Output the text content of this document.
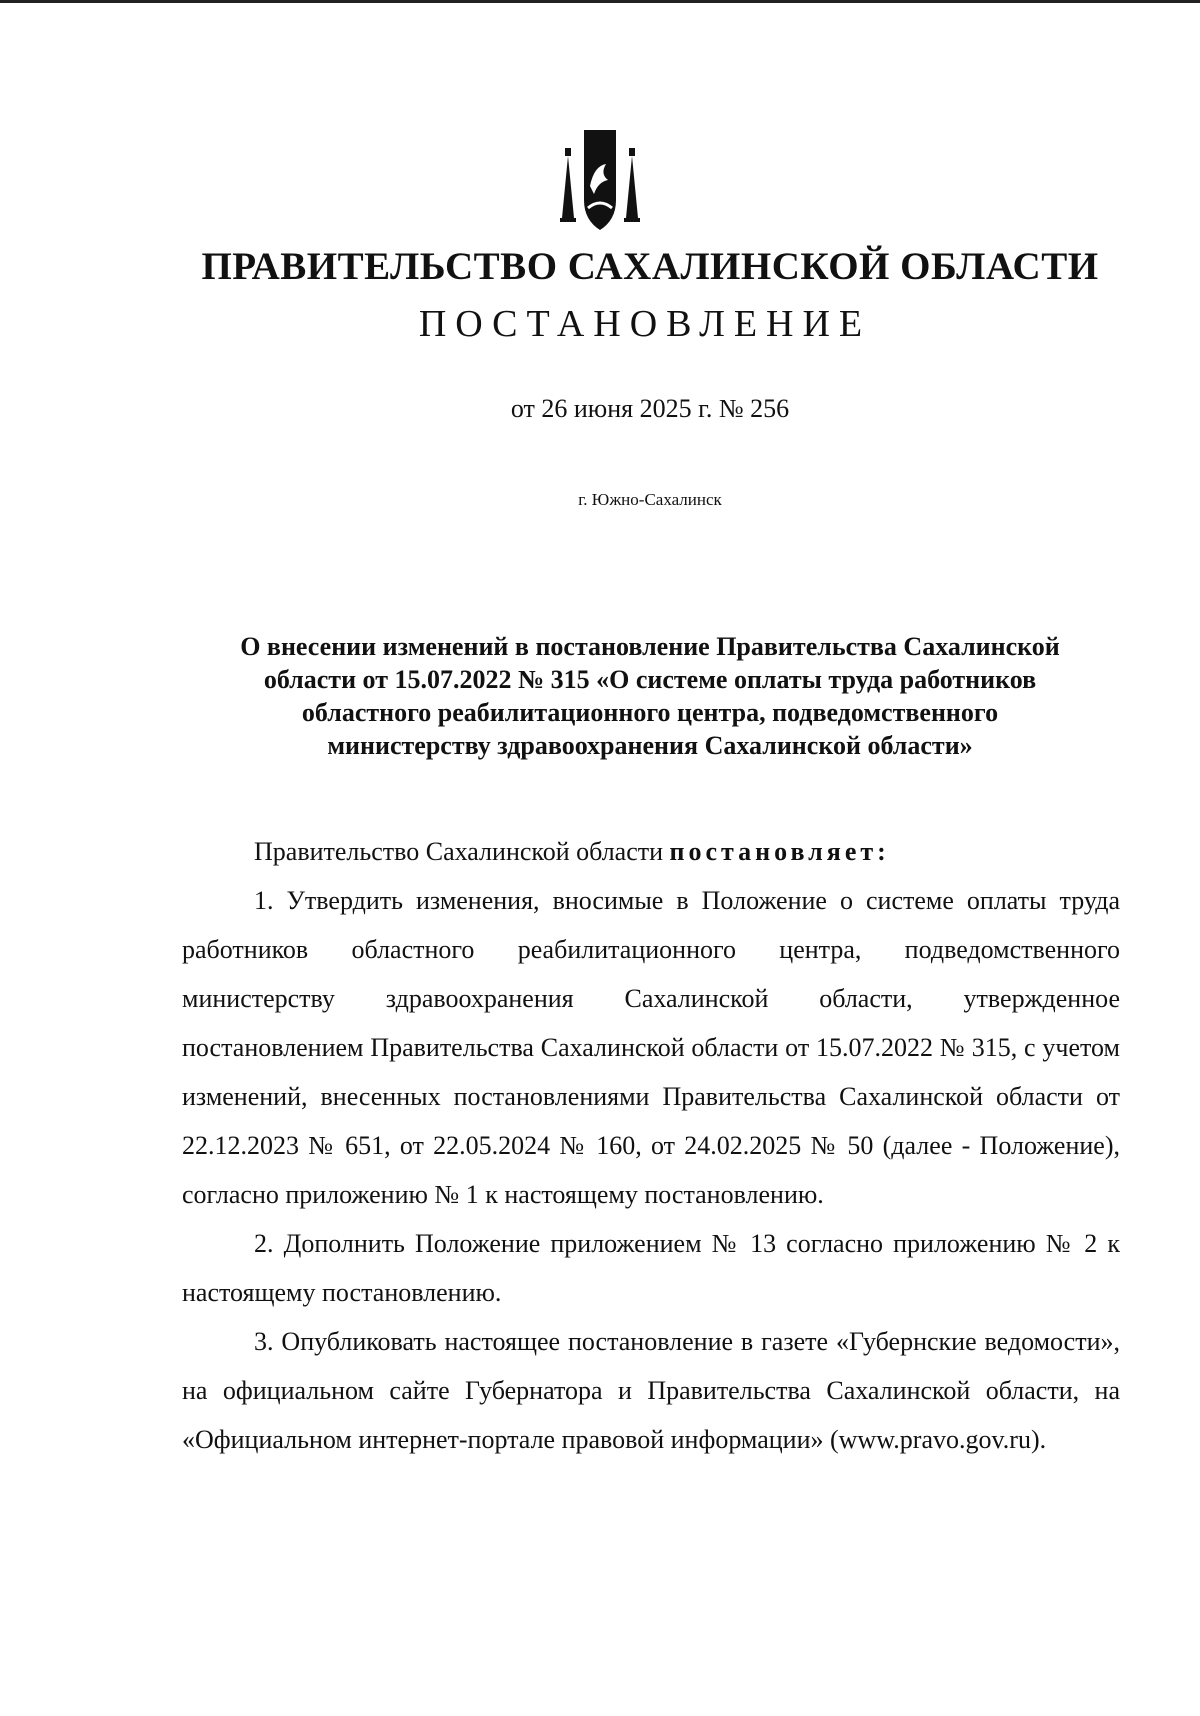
ПРАВИТЕЛЬСТВО САХАЛИНСКОЙ ОБЛАСТИ
ПОСТАНОВЛЕНИЕ
от 26 июня 2025 г. № 256
г. Южно-Сахалинск
О внесении изменений в постановление Правительства Сахалинской
области от 15.07.2022 № 315 «О системе оплаты труда работников
областного реабилитационного центра, подведомственного
министерству здравоохранения Сахалинской области»

Правительство Сахалинской области постановляет:

1. Утвердить изменения, вносимые в Положение о системе оплаты труда работников областного реабилитационного центра, подведомственного министерству здравоохранения Сахалинской области, утвержденное постановлением Правительства Сахалинской области от 15.07.2022 № 315, с учетом изменений, внесенных постановлениями Правительства Сахалинской области от 22.12.2023 № 651, от 22.05.2024 № 160, от 24.02.2025 № 50 (далее - Положение), согласно приложению № 1 к настоящему постановлению.

2. Дополнить Положение приложением № 13 согласно приложению № 2 к настоящему постановлению.

3. Опубликовать настоящее постановление в газете «Губернские ведомости», на официальном сайте Губернатора и Правительства Сахалинской области, на «Официальном интернет-портале правовой информации» (www.pravo.gov.ru).
